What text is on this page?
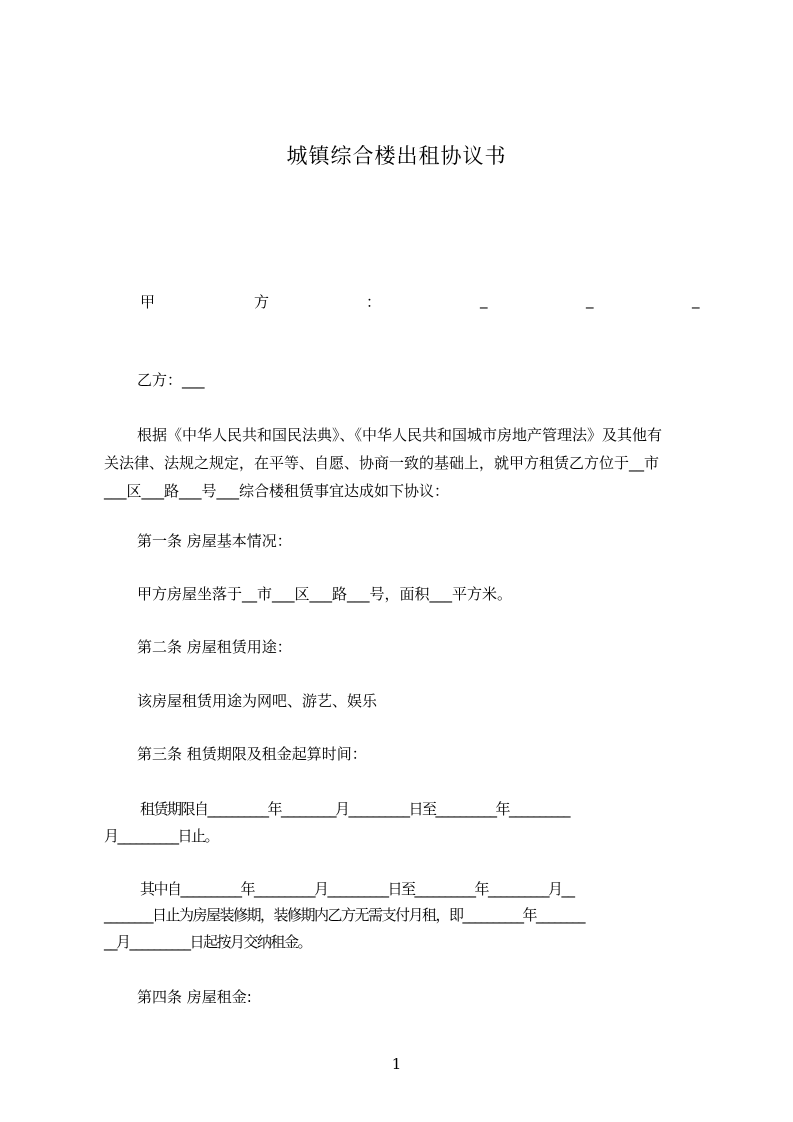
城镇综合楼出租协议书
甲	方	：	_	_	_
乙方：___
根据《中华人民共和国民法典》、《中华人民共和国城市房地产管理法》及其他有
关法律、法规之规定，在平等、自愿、协商一致的基础上，就甲方租赁乙方位于__市
___区___路___号___综合楼租赁事宜达成如下协议：
第一条 房屋基本情况：
甲方房屋坐落于__市___区___路___号，面积___平方米。
第二条 房屋租赁用途：
该房屋租赁用途为网吧、游艺、娱乐
第三条 租赁期限及租金起算时间：
租赁期限自__________年_________月__________日至__________年__________
月__________日止。
其中自__________年__________月__________日至__________年__________月__
________日止为房屋装修期，装修期内乙方无需支付月租，即__________年________
__月__________日起按月交纳租金。
第四条 房屋租金:
1
